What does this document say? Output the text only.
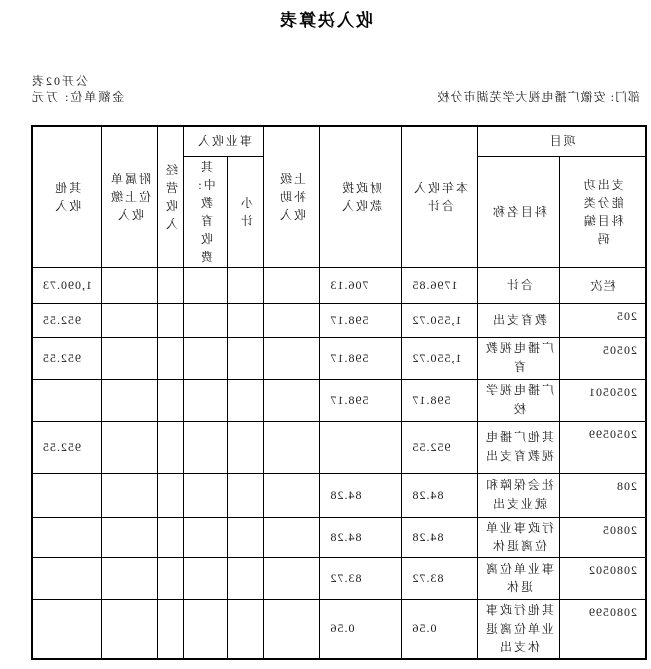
收入决算表
部门: 安徽广播电视大学芜湖市分校
公开02表
金额单位: 万元
项目		本年收入合计	财政拨款收入	上级补助收入	事业收入		经营收入	附属单位上缴收入	其他收入

支出功能分类科目编码	科目名称				小计	其中:教育收费			

栏次	合计	1796.85	706.13						1,090.73
205	教育支出	1,550.72	598.17						952.55
20505	广播电视教育	1,550.72	598.17						952.55
2050501	广播电视学校	598.17	598.17						
2050599	其他广播电视教育支出	952.55							952.55
208	社会保障和就业支出	84.28	84.28						
20805	行政事业单位离退休	84.28	84.28						
2080502	事业单位离退休	83.72	83.72						
2080599	其他行政事业单位离退休支出	0.56	0.56						
